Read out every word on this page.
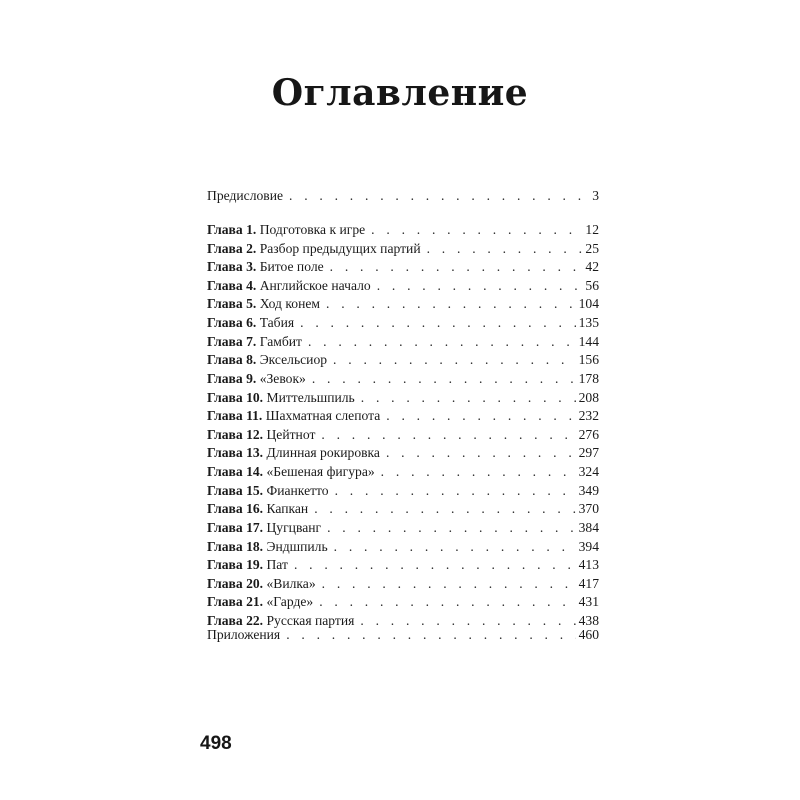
Оглавление
Предисловие . . .	3
Глава 1. Подготовка к игре . . .	12
Глава 2. Разбор предыдущих партий . . .	25
Глава 3. Битое поле . . .	42
Глава 4. Английское начало . . .	56
Глава 5. Ход конем . . .	104
Глава 6. Табия . . .	135
Глава 7. Гамбит . . .	144
Глава 8. Эксельсиор . . .	156
Глава 9. «Зевок» . . .	178
Глава 10. Миттельшпиль . . .	208
Глава 11. Шахматная слепота . . .	232
Глава 12. Цейтнот . . .	276
Глава 13. Длинная рокировка . . .	297
Глава 14. «Бешеная фигура» . . .	324
Глава 15. Фианкетто . . .	349
Глава 16. Капкан . . .	370
Глава 17. Цугцванг . . .	384
Глава 18. Эндшпиль . . .	394
Глава 19. Пат . . .	413
Глава 20. «Вилка» . . .	417
Глава 21. «Гарде» . . .	431
Глава 22. Русская партия . . .	438
Приложения . . .	460
498
